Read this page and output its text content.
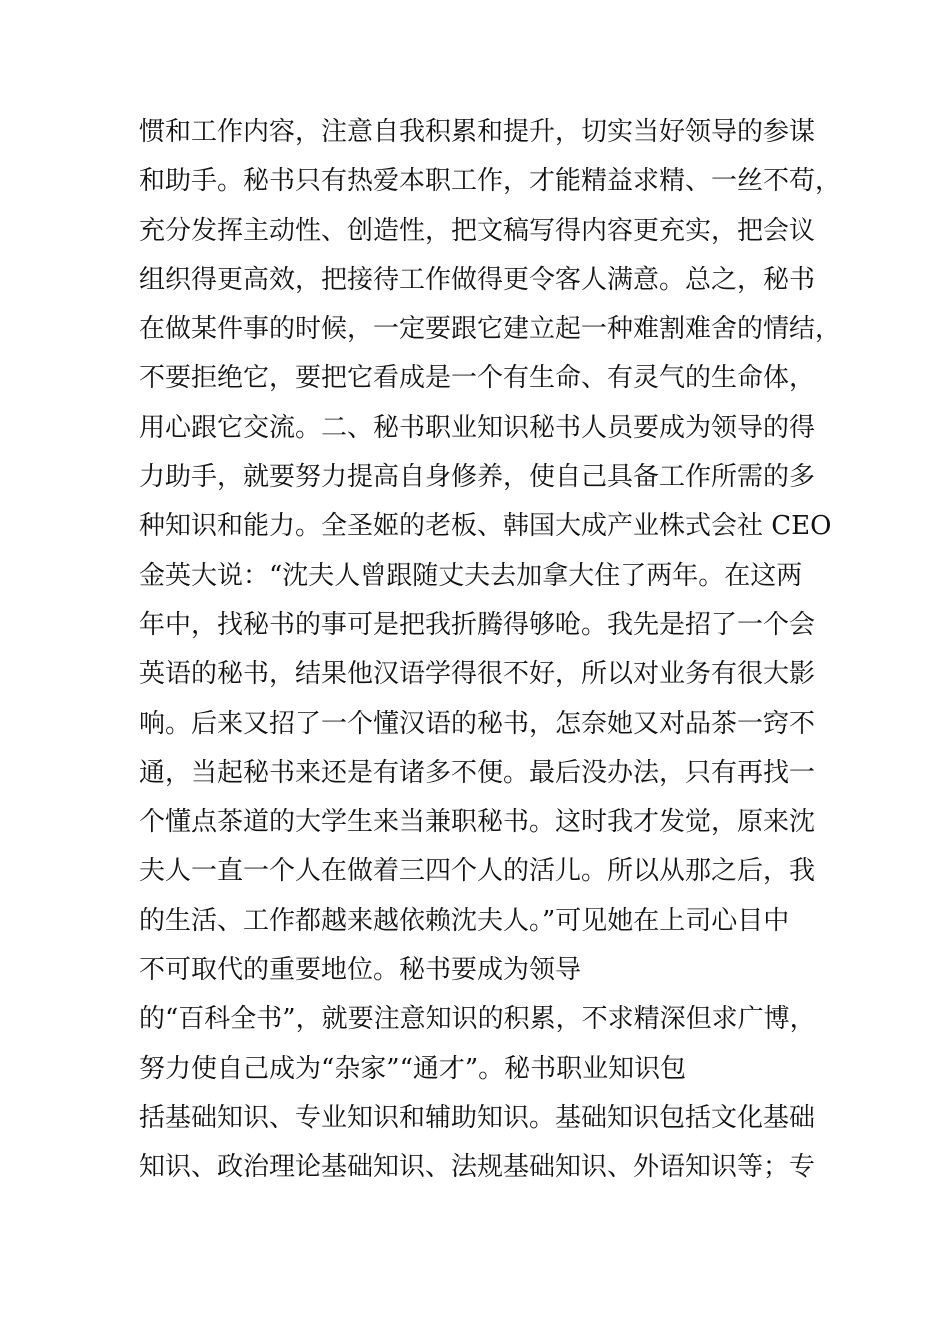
惯和工作内容，注意自我积累和提升，切实当好领导的参谋
和助手。秘书只有热爱本职工作，才能精益求精、一丝不苟，
充分发挥主动性、创造性，把文稿写得内容更充实，把会议
组织得更高效，把接待工作做得更令客人满意。总之，秘书
在做某件事的时候，一定要跟它建立起一种难割难舍的情结，
不要拒绝它，要把它看成是一个有生命、有灵气的生命体，
用心跟它交流。二、秘书职业知识秘书人员要成为领导的得
力助手，就要努力提高自身修养，使自己具备工作所需的多
种知识和能力。全圣姬的老板、韩国大成产业株式会社 CEO
金英大说：“沈夫人曾跟随丈夫去加拿大住了两年。在这两
年中，找秘书的事可是把我折腾得够呛。我先是招了一个会
英语的秘书，结果他汉语学得很不好，所以对业务有很大影
响。后来又招了一个懂汉语的秘书，怎奈她又对品茶一窍不
通，当起秘书来还是有诸多不便。最后没办法，只有再找一
个懂点茶道的大学生来当兼职秘书。这时我才发觉，原来沈
夫人一直一个人在做着三四个人的活儿。所以从那之后，我
的生活、工作都越来越依赖沈夫人。”可见她在上司心目中
不可取代的重要地位。秘书要成为领导
的“百科全书”，就要注意知识的积累，不求精深但求广博，
努力使自己成为“杂家”“通才”。秘书职业知识包
括基础知识、专业知识和辅助知识。基础知识包括文化基础
知识、政治理论基础知识、法规基础知识、外语知识等；专
